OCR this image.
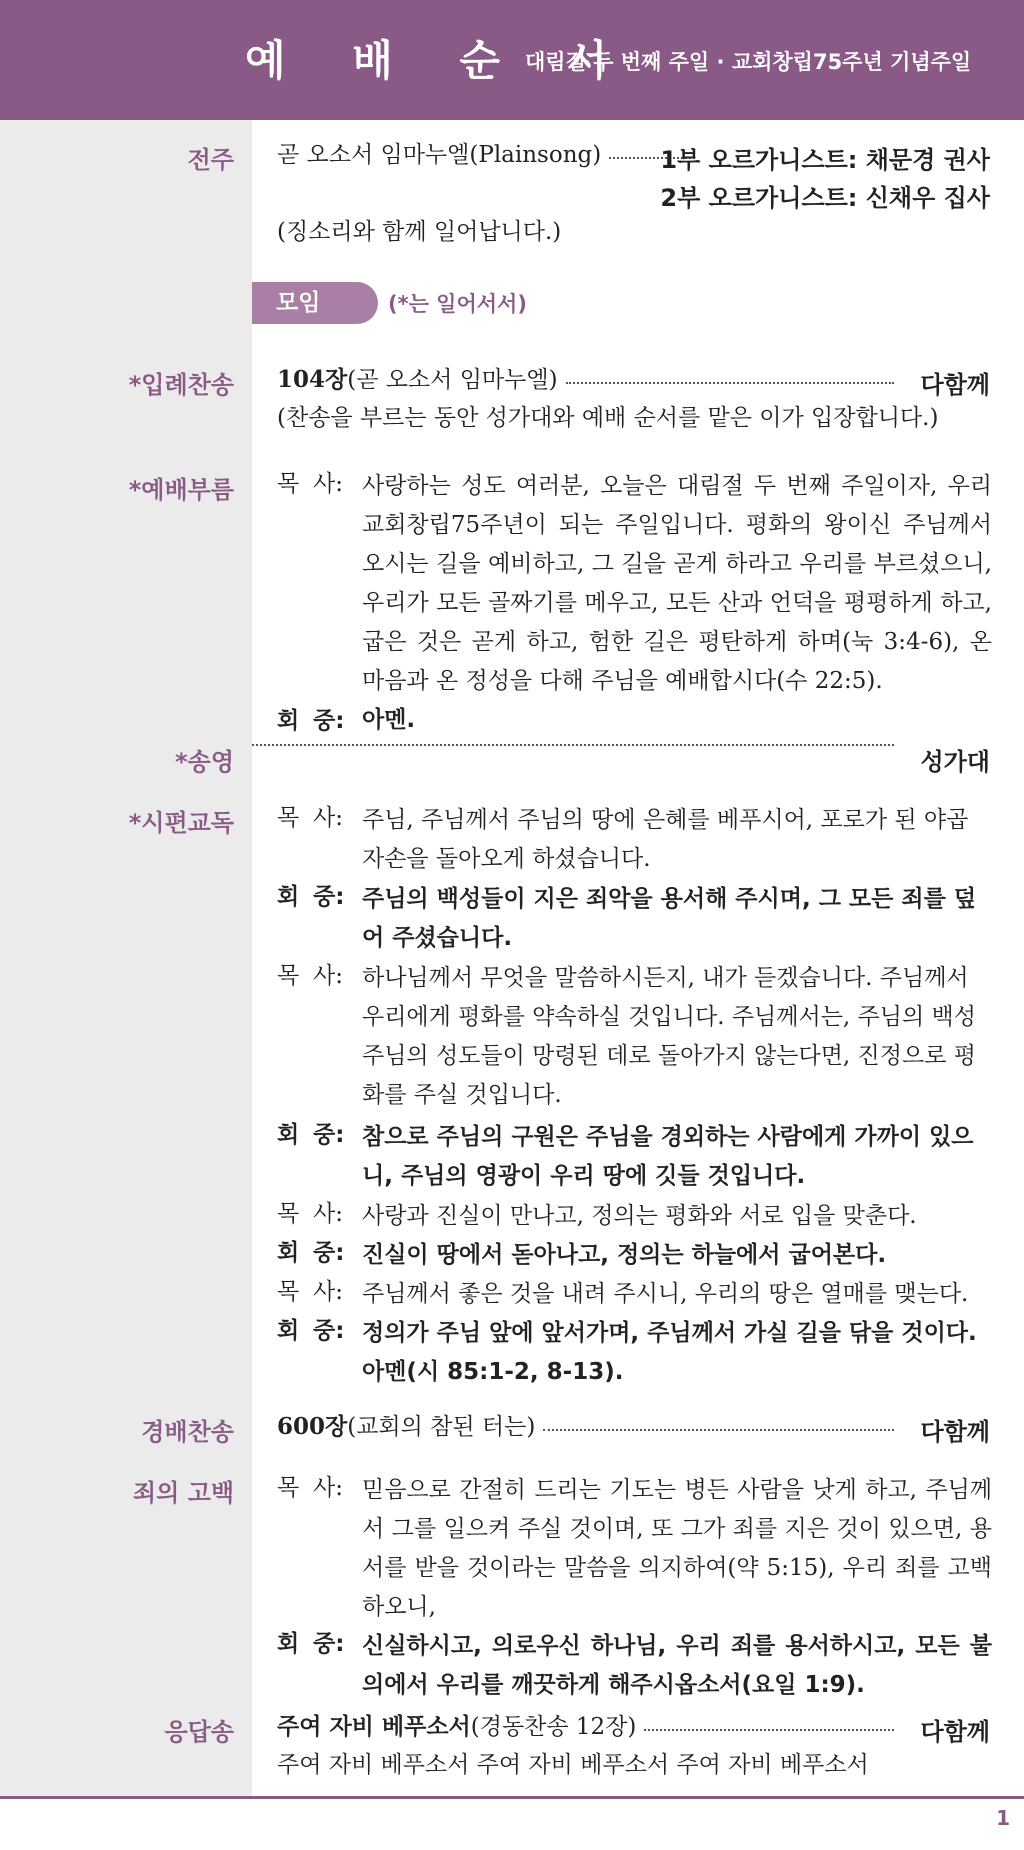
예 배 순 서
대림절 두 번째 주일 · 교회창립75주년 기념주일
전주 곧 오소서 임마누엘(Plainsong) 1부 오르가니스트: 채문경 권사
2부 오르가니스트: 신채우 집사
(징소리와 함께 일어납니다.)
모임	(*는 일어서서)
*입례찬송 104장 (곧 오소서 임마누엘)	다함께
(찬송을 부르는 동안 성가대와 예배 순서를 맡은 이가 입장합니다.)
*예배부름 목 사: 사랑하는 성도 여러분, 오늘은 대림절 두 번째 주일이자, 우리 교회창립75주년이 되는 주일입니다. 평화의 왕이신 주님께서 오시는 길을 예비하고, 그 길을 곧게 하라고 우리를 부르셨으니, 우리가 모든 골짜기를 메우고, 모든 산과 언덕을 평평하게 하고, 굽은 것은 곧게 하고, 험한 길은 평탄하게 하며(눅 3:4-6), 온 마음과 온 정성을 다해 주님을 예배합시다(수 22:5).
회 중: 아멘.
*송영	성가대
*시편교독 목 사: 주님, 주님께서 주님의 땅에 은혜를 베푸시어, 포로가 된 야곱 자손을 돌아오게 하셨습니다.
회 중: 주님의 백성들이 지은 죄악을 용서해 주시며, 그 모든 죄를 덮어 주셨습니다.
목 사: 하나님께서 무엇을 말씀하시든지, 내가 듣겠습니다. 주님께서 우리에게 평화를 약속하실 것입니다. 주님께서는, 주님의 백성 주님의 성도들이 망령된 데로 돌아가지 않는다면, 진정으로 평화를 주실 것입니다.
회 중: 참으로 주님의 구원은 주님을 경외하는 사람에게 가까이 있으니, 주님의 영광이 우리 땅에 깃들 것입니다.
목 사: 사랑과 진실이 만나고, 정의는 평화와 서로 입을 맞춘다.
회 중: 진실이 땅에서 돋아나고, 정의는 하늘에서 굽어본다.
목 사: 주님께서 좋은 것을 내려 주시니, 우리의 땅은 열매를 맺는다.
회 중: 정의가 주님 앞에 앞서가며, 주님께서 가실 길을 닦을 것이다. 아멘(시 85:1-2, 8-13).
경배찬송 600장 (교회의 참된 터는)	다함께
죄의 고백 목 사: 믿음으로 간절히 드리는 기도는 병든 사람을 낫게 하고, 주님께서 그를 일으켜 주실 것이며, 또 그가 죄를 지은 것이 있으면, 용서를 받을 것이라는 말씀을 의지하여(약 5:15), 우리 죄를 고백하오니,
회 중: 신실하시고, 의로우신 하나님, 우리 죄를 용서하시고, 모든 불의에서 우리를 깨끗하게 해주시옵소서(요일 1:9).
응답송 주여 자비 베푸소서 (경동찬송 12장)	다함께
주여 자비 베푸소서 주여 자비 베푸소서 주여 자비 베푸소서
1
